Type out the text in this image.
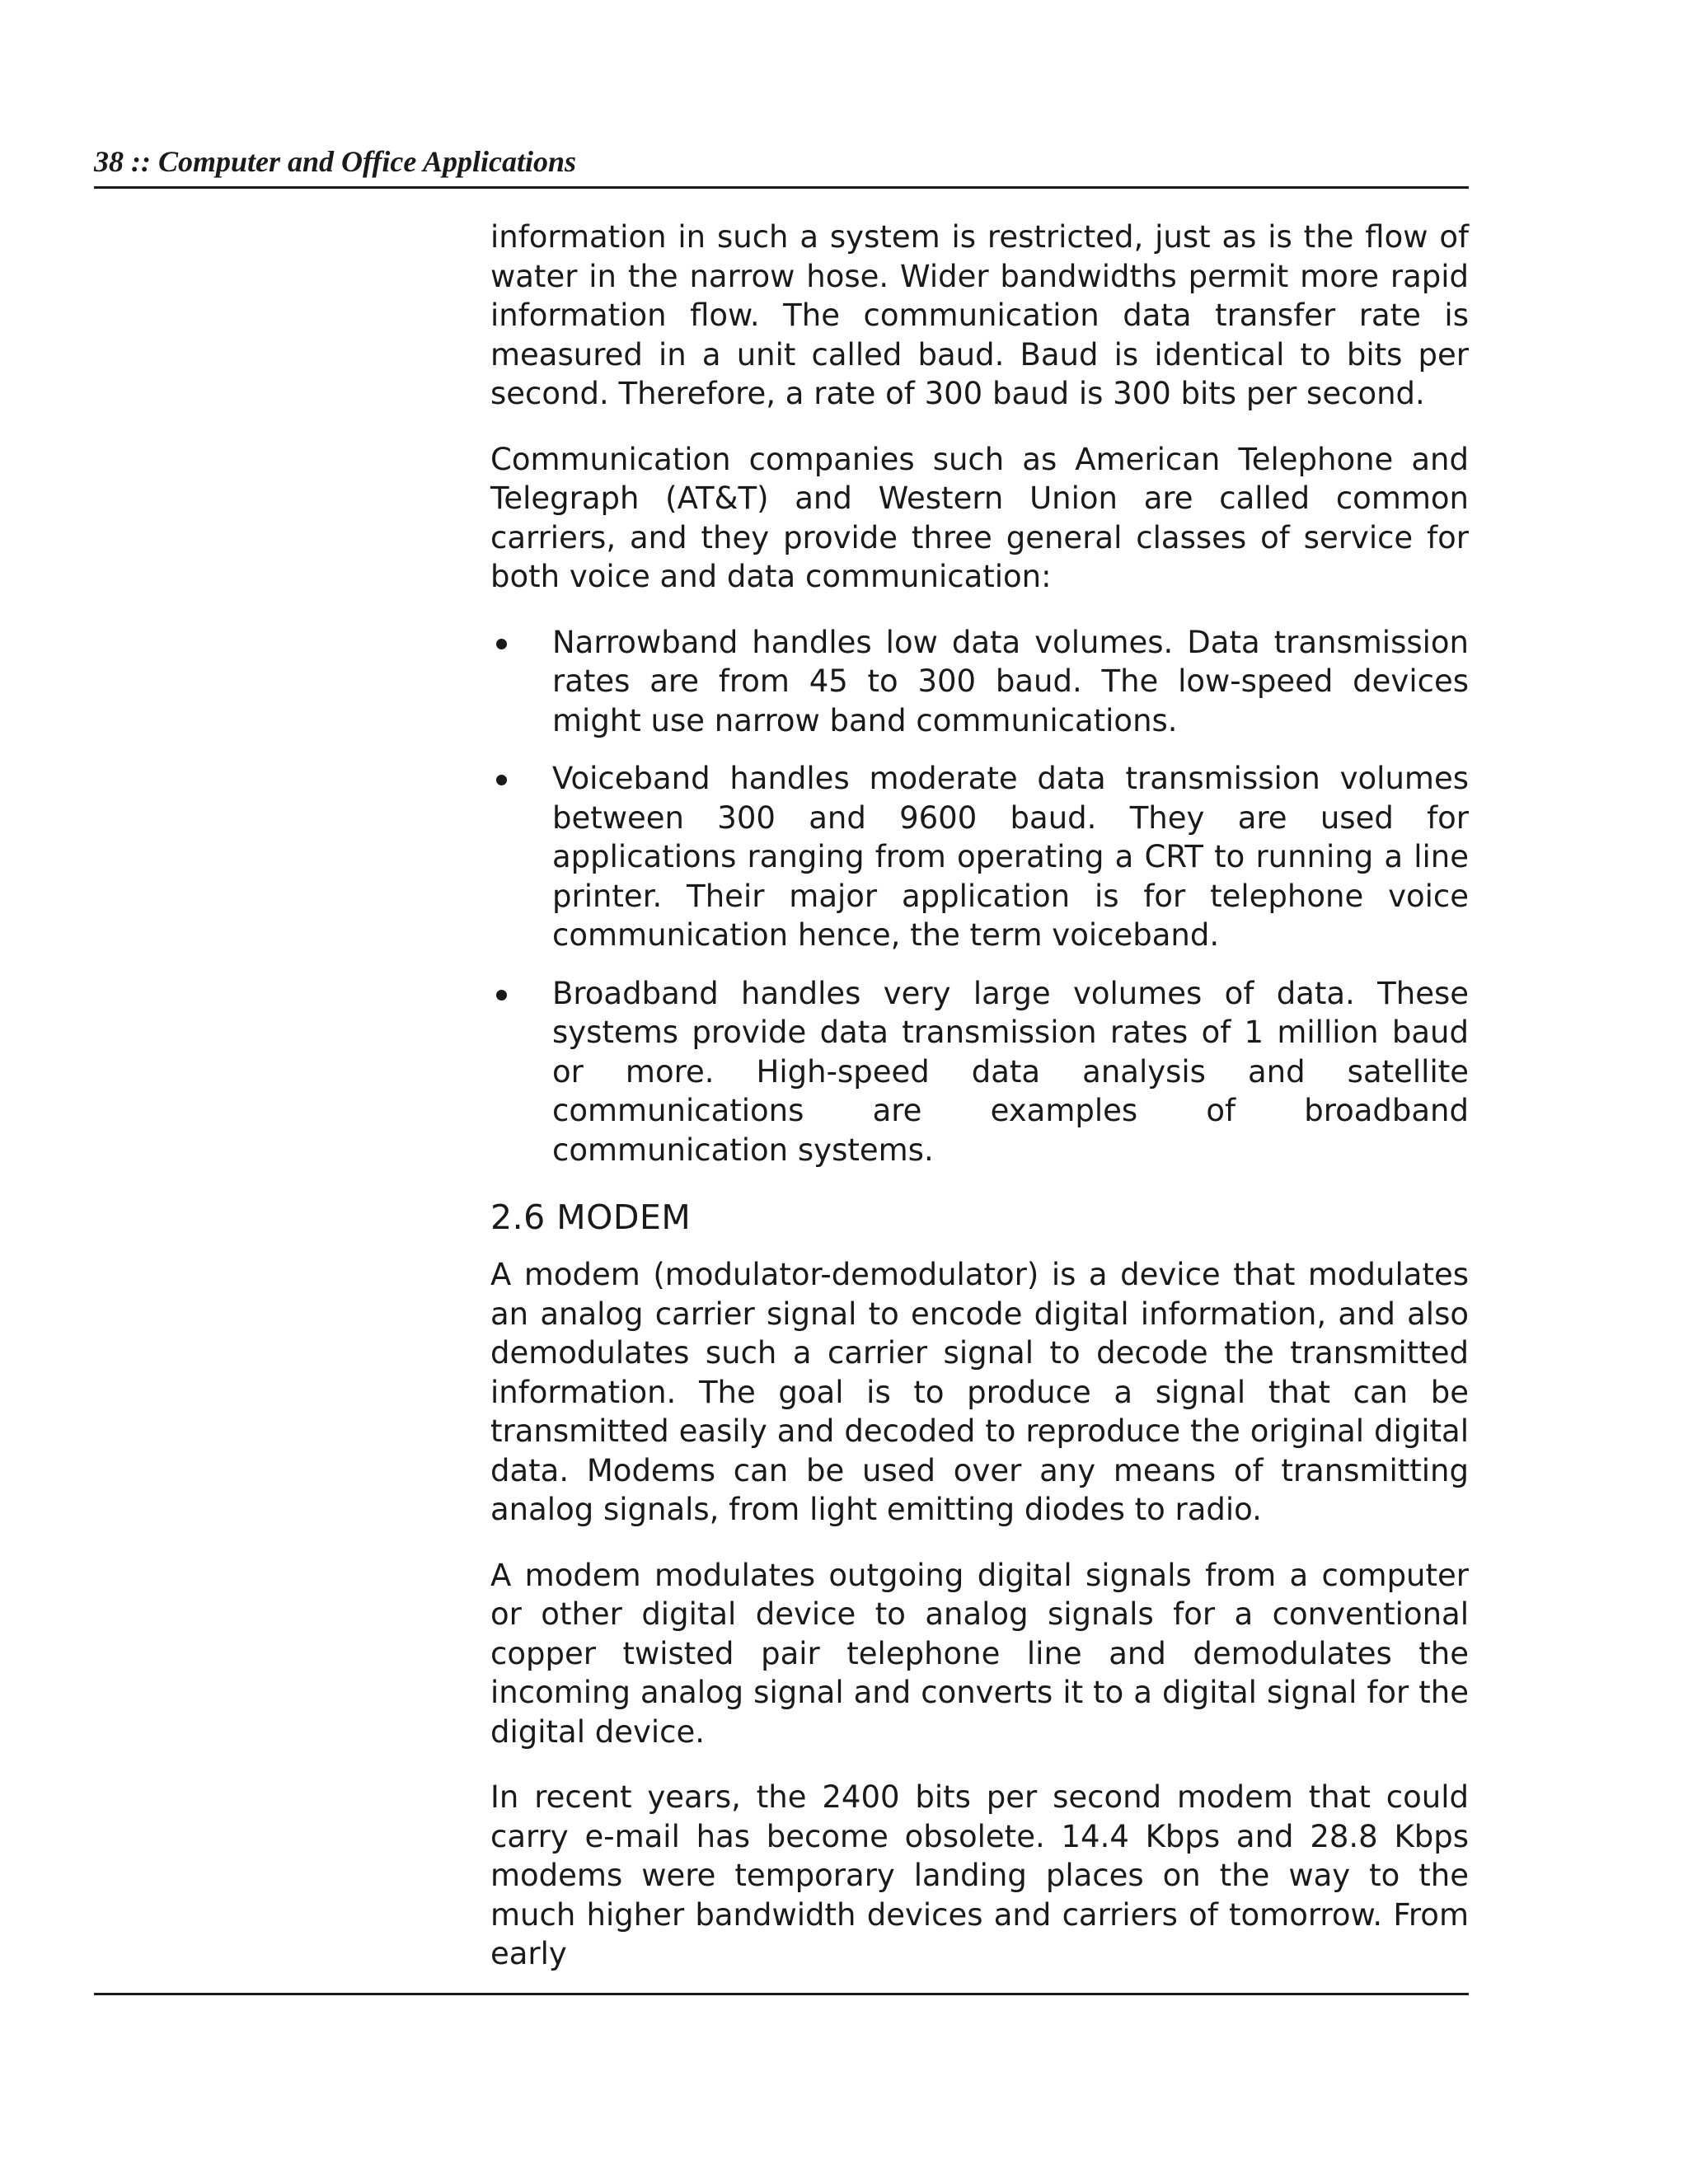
38 :: Computer and Office Applications

information in such a system is restricted, just as is the flow of water in the narrow hose. Wider bandwidths permit more rapid information flow. The communication data transfer rate is measured in a unit called baud. Baud is identical to bits per second. Therefore, a rate of 300 baud is 300 bits per second.

Communication companies such as American Telephone and Telegraph (AT&T) and Western Union are called common carriers, and they provide three general classes of service for both voice and data communication:

Narrowband handles low data volumes. Data transmission rates are from 45 to 300 baud. The low-speed devices might use narrow band communications.
Voiceband handles moderate data transmission volumes between 300 and 9600 baud. They are used for applications ranging from operating a CRT to running a line printer. Their major application is for telephone voice communication hence, the term voiceband.
Broadband handles very large volumes of data. These systems provide data transmission rates of 1 million baud or more. High-speed data analysis and satellite communications are examples of broadband communication systems.
2.6 MODEM

A modem (modulator-demodulator) is a device that modulates an analog carrier signal to encode digital information, and also demodulates such a carrier signal to decode the transmitted information. The goal is to produce a signal that can be transmitted easily and decoded to reproduce the original digital data. Modems can be used over any means of transmitting analog signals, from light emitting diodes to radio.

A modem modulates outgoing digital signals from a computer or other digital device to analog signals for a conventional copper twisted pair telephone line and demodulates the incoming analog signal and converts it to a digital signal for the digital device.

In recent years, the 2400 bits per second modem that could carry e-mail has become obsolete. 14.4 Kbps and 28.8 Kbps modems were temporary landing places on the way to the much higher bandwidth devices and carriers of tomorrow. From early
